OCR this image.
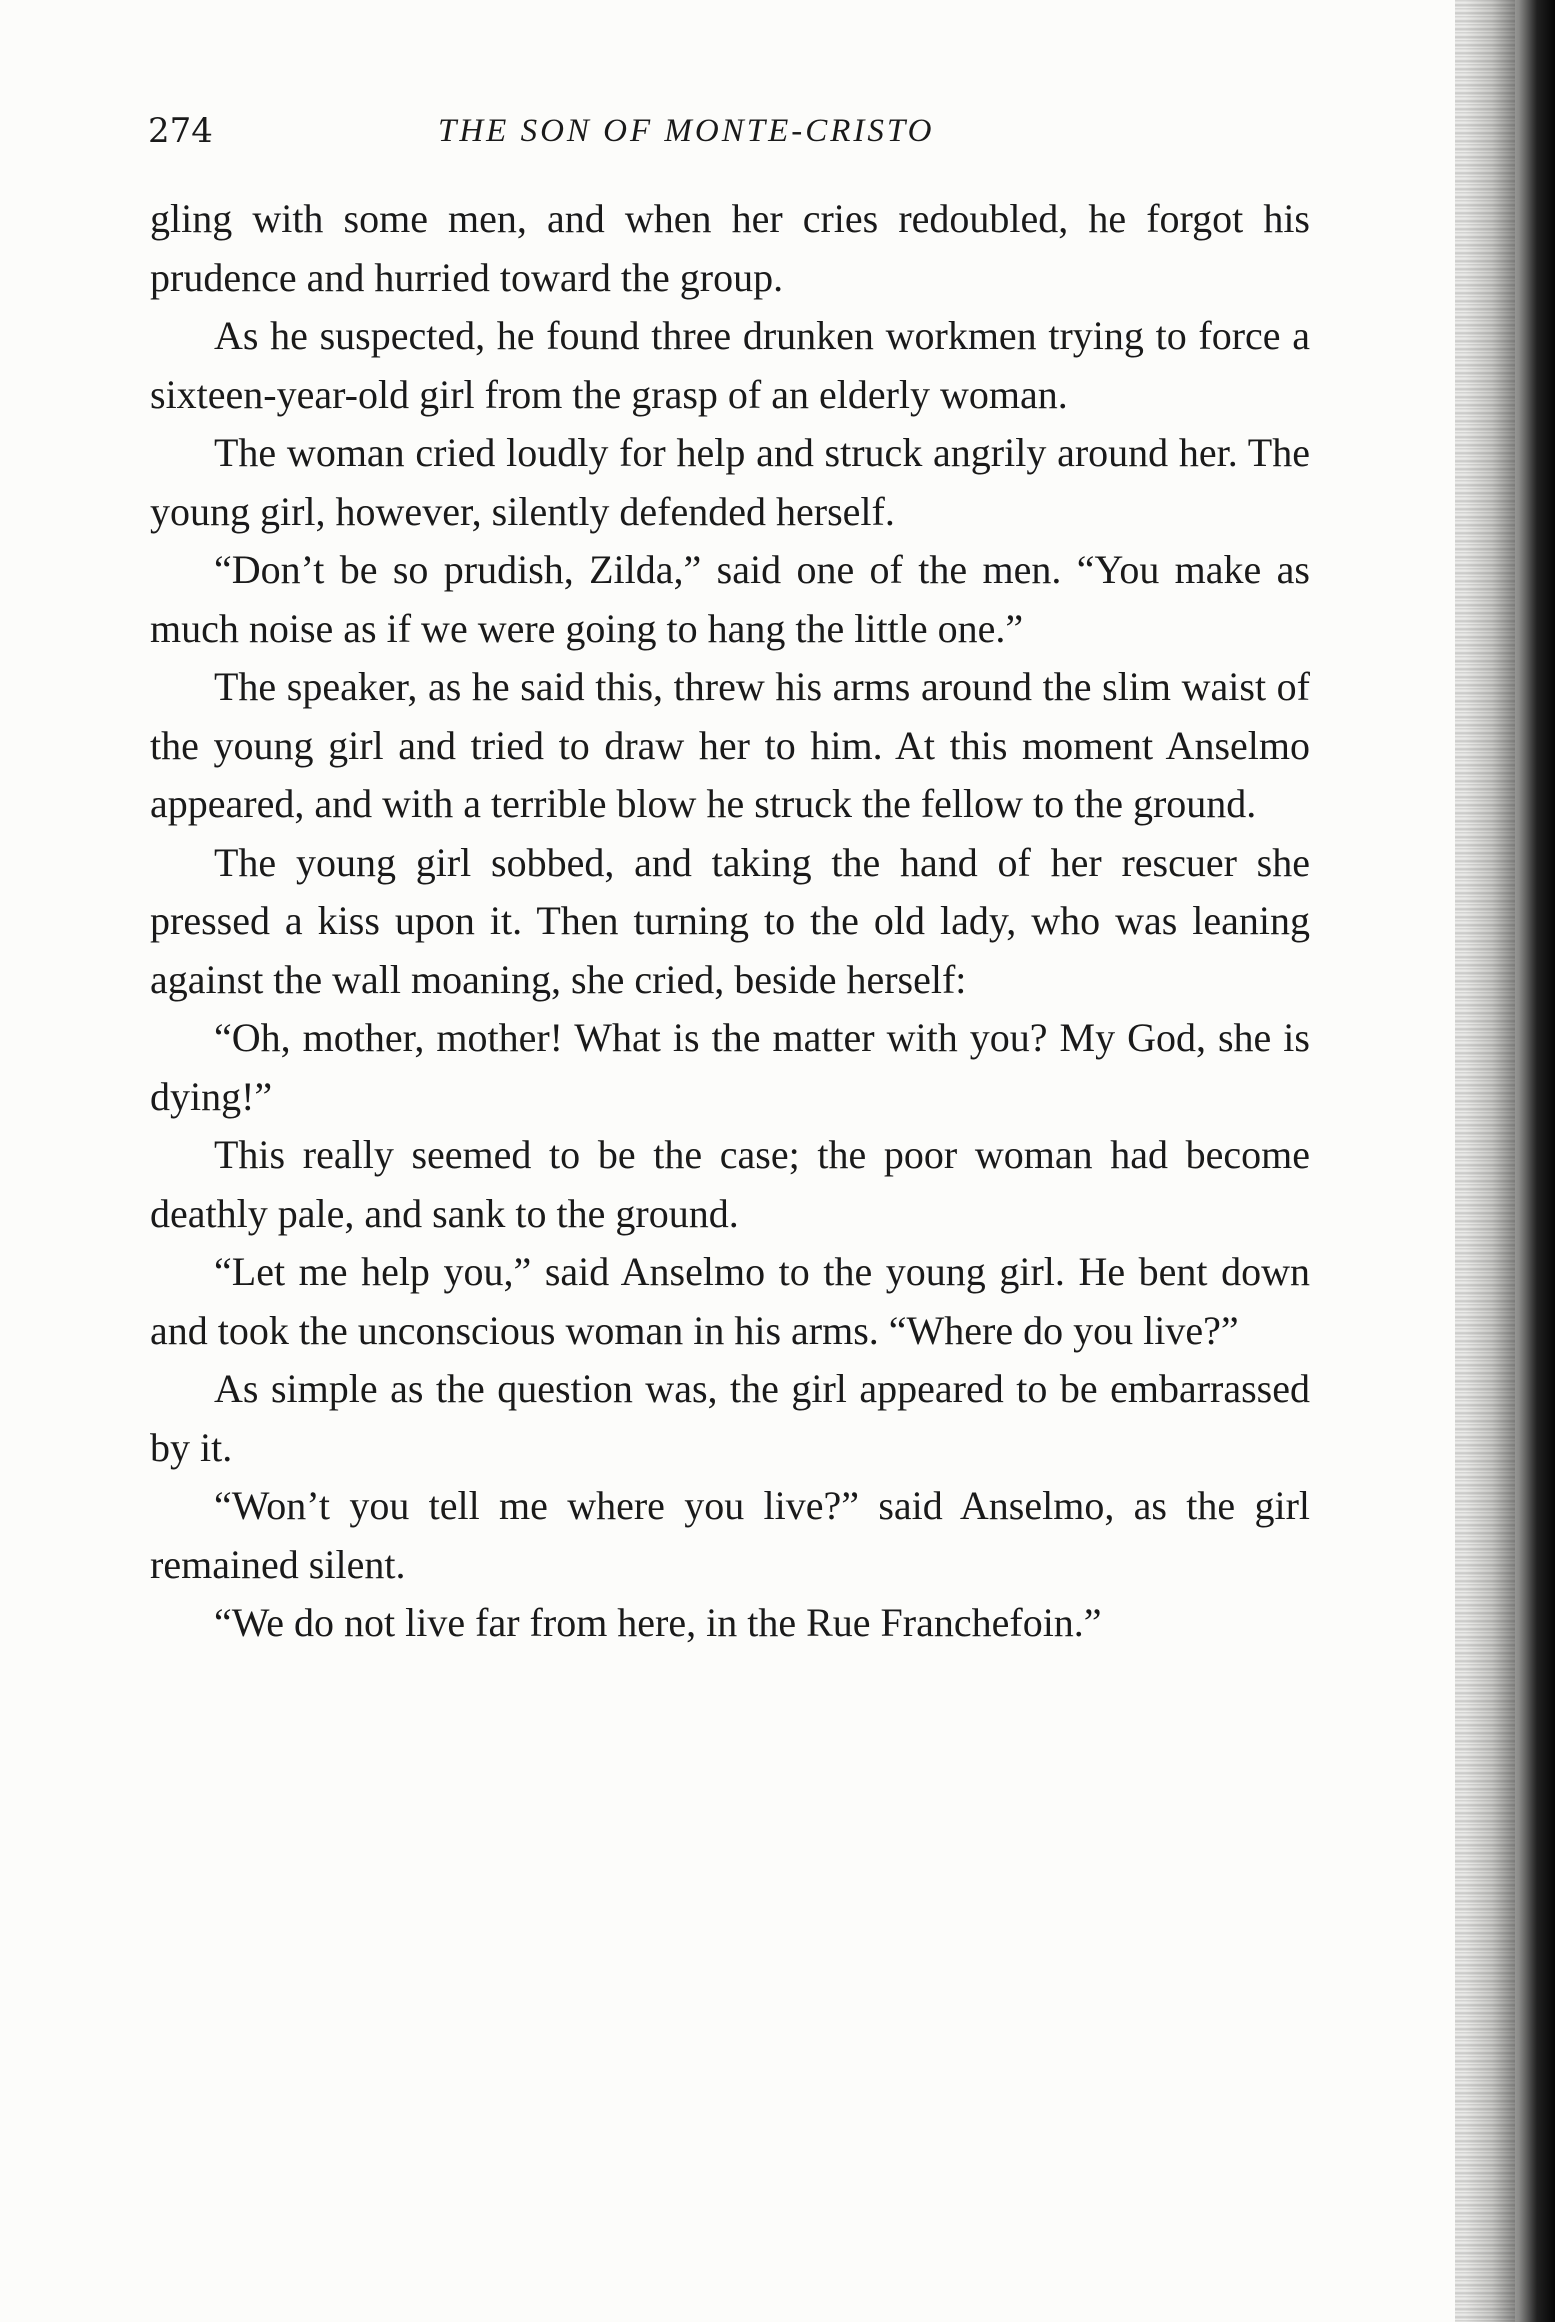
274	THE SON OF MONTE-CRISTO

gling with some men, and when her cries redoubled, he forgot his prudence and hurried toward the group.

As he suspected, he found three drunken workmen trying to force a sixteen-year-old girl from the grasp of an elderly woman.

The woman cried loudly for help and struck angrily around her. The young girl, however, silently defended herself.

“Don’t be so prudish, Zilda,” said one of the men. “You make as much noise as if we were going to hang the little one.”

The speaker, as he said this, threw his arms around the slim waist of the young girl and tried to draw her to him. At this moment Anselmo appeared, and with a terrible blow he struck the fellow to the ground.

The young girl sobbed, and taking the hand of her rescuer she pressed a kiss upon it. Then turning to the old lady, who was leaning against the wall moaning, she cried, beside herself:

“Oh, mother, mother! What is the matter with you? My God, she is dying!”

This really seemed to be the case; the poor woman had become deathly pale, and sank to the ground.

“Let me help you,” said Anselmo to the young girl. He bent down and took the unconscious woman in his arms. “Where do you live?”

As simple as the question was, the girl appeared to be embarrassed by it.

“Won’t you tell me where you live?” said Anselmo, as the girl remained silent.

“We do not live far from here, in the Rue Franchefoin.”
